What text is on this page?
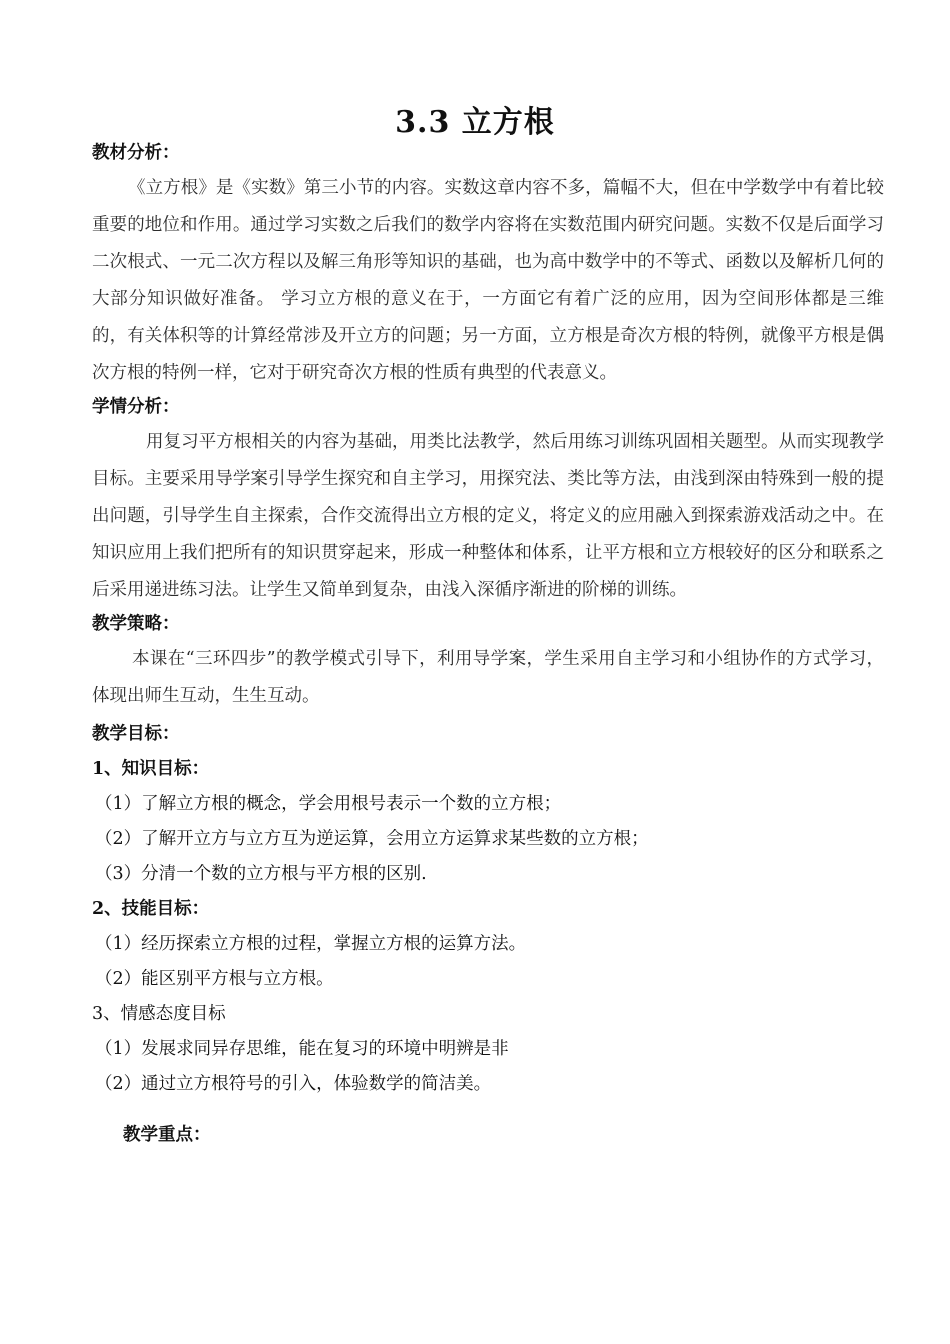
3.3 立方根
教材分析：

《立方根》是《实数》第三小节的内容。实数这章内容不多，篇幅不大，但在中学数学中有着比较重要的地位和作用。通过学习实数之后我们的数学内容将在实数范围内研究问题。实数不仅是后面学习二次根式、一元二次方程以及解三角形等知识的基础，也为高中数学中的不等式、函数以及解析几何的大部分知识做好准备。 学习立方根的意义在于，一方面它有着广泛的应用，因为空间形体都是三维的，有关体积等的计算经常涉及开立方的问题；另一方面，立方根是奇次方根的特例，就像平方根是偶次方根的特例一样，它对于研究奇次方根的性质有典型的代表意义。

学情分析：

用复习平方根相关的内容为基础，用类比法教学，然后用练习训练巩固相关题型。从而实现教学目标。主要采用导学案引导学生探究和自主学习，用探究法、类比等方法，由浅到深由特殊到一般的提出问题，引导学生自主探索，合作交流得出立方根的定义，将定义的应用融入到探索游戏活动之中。在知识应用上我们把所有的知识贯穿起来，形成一种整体和体系，让平方根和立方根较好的区分和联系之后采用递进练习法。让学生又简单到复杂，由浅入深循序渐进的阶梯的训练。

教学策略：

本课在“三环四步”的教学模式引导下，利用导学案，学生采用自主学习和小组协作的方式学习，体现出师生互动，生生互动。

教学目标：
1、知识目标：
（1）了解立方根的概念，学会用根号表示一个数的立方根；
（2）了解开立方与立方互为逆运算，会用立方运算求某些数的立方根；
（3）分清一个数的立方根与平方根的区别.
2、技能目标：
（1）经历探索立方根的过程，掌握立方根的运算方法。
（2）能区别平方根与立方根。
3、情感态度目标
（1）发展求同异存思维，能在复习的环境中明辨是非
（2）通过立方根符号的引入，体验数学的简洁美。
教学重点：
